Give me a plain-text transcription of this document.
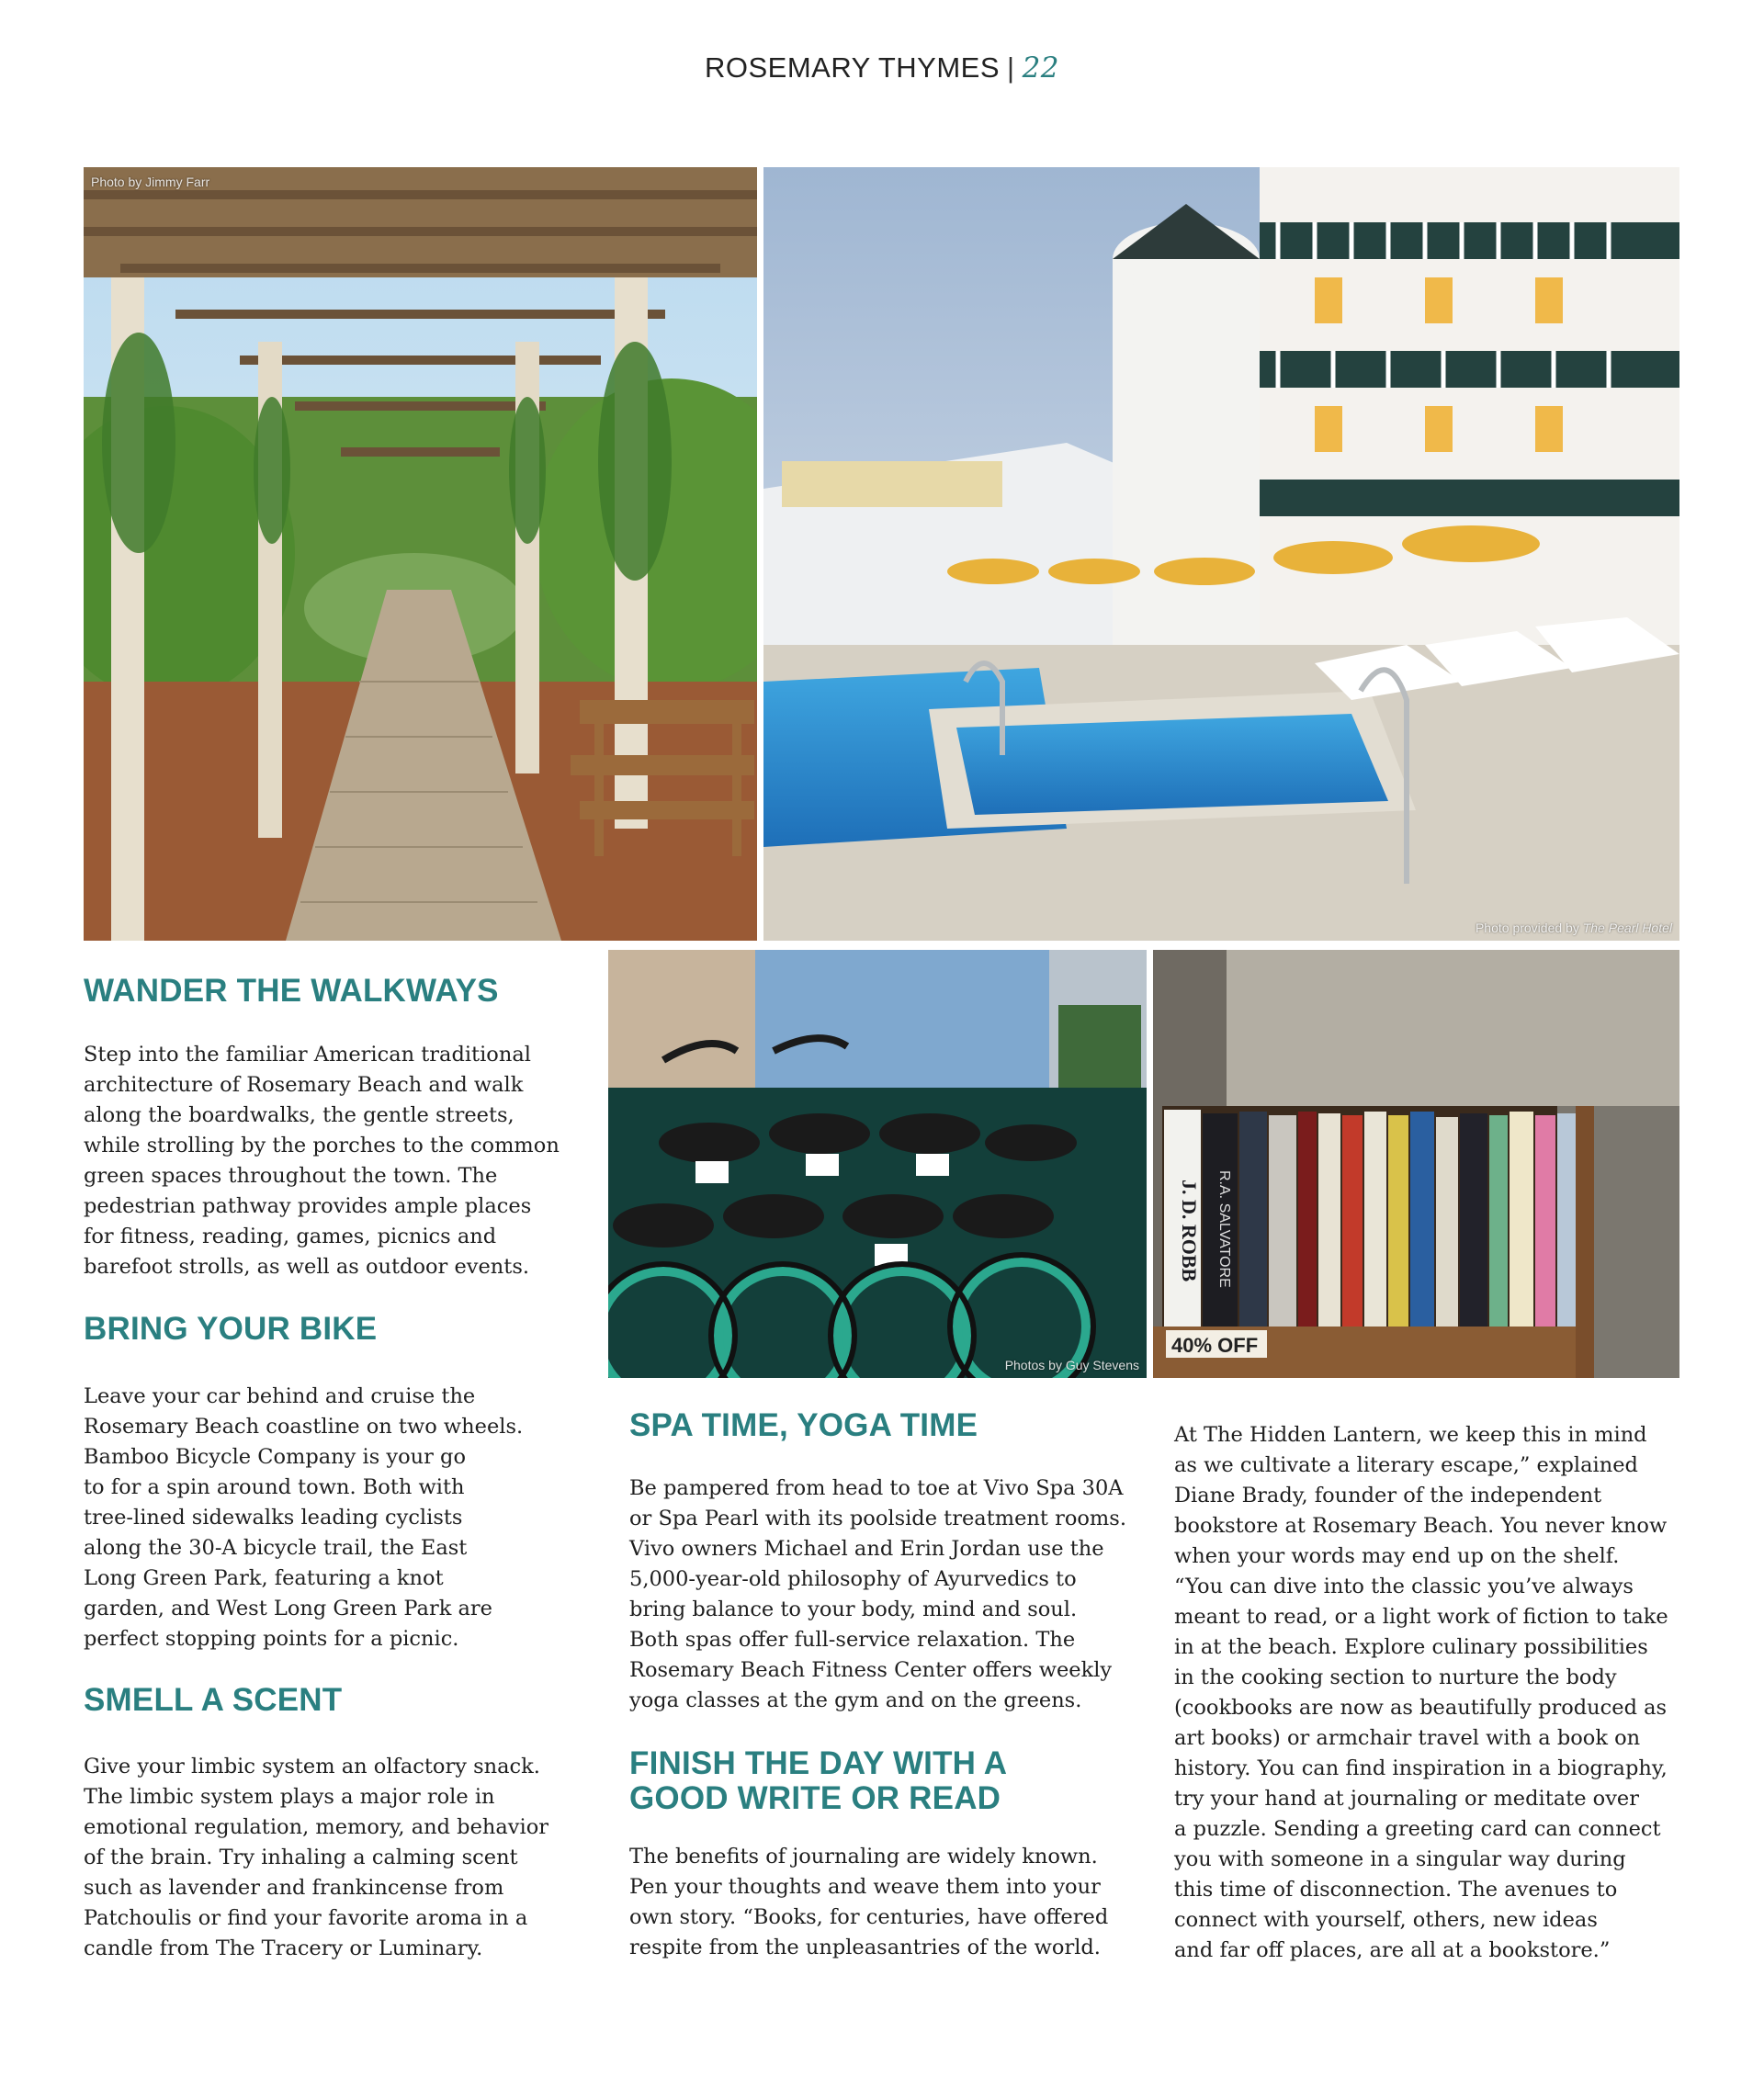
ROSEMARY THYMES | 22
Photo by Jimmy Farr
Photo provided by The Pearl Hotel
Photos by Guy Stevens
J. D. ROBB R.A. SALVATORE
40% OFF
WANDER THE WALKWAYS
Step into the familiar American traditional
architecture of Rosemary Beach and walk
along the boardwalks, the gentle streets,
while strolling by the porches to the common
green spaces throughout the town. The
pedestrian pathway provides ample places
for fitness, reading, games, picnics and
barefoot strolls, as well as outdoor events.
BRING YOUR BIKE
Leave your car behind and cruise the
Rosemary Beach coastline on two wheels.
Bamboo Bicycle Company is your go
to for a spin around town. Both with
tree-lined sidewalks leading cyclists
along the 30-A bicycle trail, the East
Long Green Park, featuring a knot
garden, and West Long Green Park are
perfect stopping points for a picnic.
SMELL A SCENT
Give your limbic system an olfactory snack.
The limbic system plays a major role in
emotional regulation, memory, and behavior
of the brain. Try inhaling a calming scent
such as lavender and frankincense from
Patchoulis or find your favorite aroma in a
candle from The Tracery or Luminary.
SPA TIME, YOGA TIME
Be pampered from head to toe at Vivo Spa 30A
or Spa Pearl with its poolside treatment rooms.
Vivo owners Michael and Erin Jordan use the
5,000-year-old philosophy of Ayurvedics to
bring balance to your body, mind and soul.
Both spas offer full-service relaxation. The
Rosemary Beach Fitness Center offers weekly
yoga classes at the gym and on the greens.
FINISH THE DAY WITH A
GOOD WRITE OR READ
The benefits of journaling are widely known.
Pen your thoughts and weave them into your
own story. “Books, for centuries, have offered
respite from the unpleasantries of the world.
At The Hidden Lantern, we keep this in mind
as we cultivate a literary escape,” explained
Diane Brady, founder of the independent
bookstore at Rosemary Beach. You never know
when your words may end up on the shelf.
“You can dive into the classic you’ve always
meant to read, or a light work of fiction to take
in at the beach. Explore culinary possibilities
in the cooking section to nurture the body
(cookbooks are now as beautifully produced as
art books) or armchair travel with a book on
history. You can find inspiration in a biography,
try your hand at journaling or meditate over
a puzzle. Sending a greeting card can connect
you with someone in a singular way during
this time of disconnection. The avenues to
connect with yourself, others, new ideas
and far off places, are all at a bookstore.”
